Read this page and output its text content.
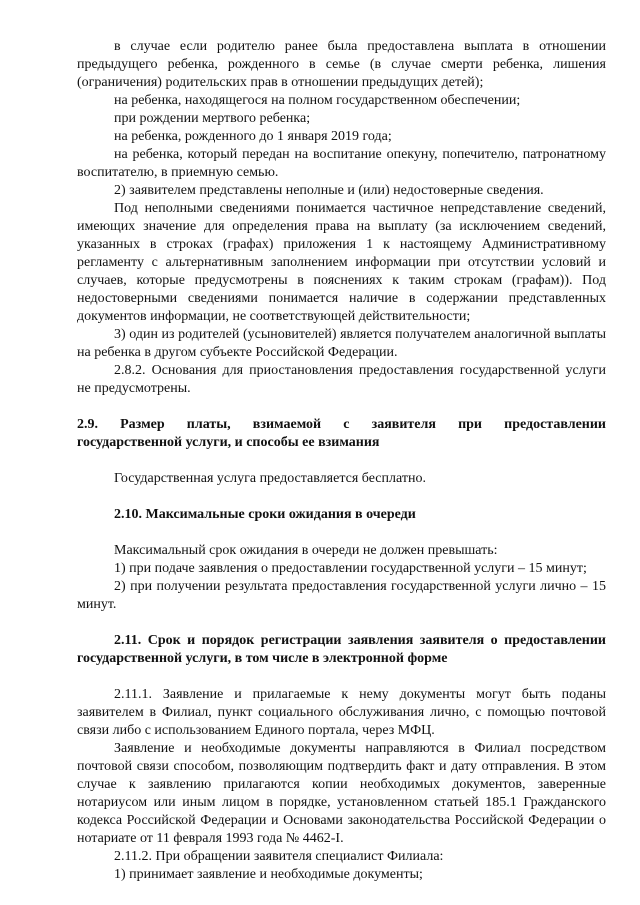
в случае если родителю ранее была предоставлена выплата в отношении предыдущего ребенка, рожденного в семье (в случае смерти ребенка, лишения (ограничения) родительских прав в отношении предыдущих детей);

на ребенка, находящегося на полном государственном обеспечении;

при рождении мертвого ребенка;

на ребенка, рожденного до 1 января 2019 года;

на ребенка, который передан на воспитание опекуну, попечителю, патронатному воспитателю, в приемную семью.

2) заявителем представлены неполные и (или) недостоверные сведения.

Под неполными сведениями понимается частичное непредставление сведений, имеющих значение для определения права на выплату (за исключением сведений, указанных в строках (графах) приложения 1 к настоящему Административному регламенту с альтернативным заполнением информации при отсутствии условий и случаев, которые предусмотрены в пояснениях к таким строкам (графам)). Под недостоверными сведениями понимается наличие в содержании представленных документов информации, не соответствующей действительности;

3) один из родителей (усыновителей) является получателем аналогичной выплаты на ребенка в другом субъекте Российской Федерации.

2.8.2. Основания для приостановления предоставления государственной услуги не предусмотрены.

2.9. Размер платы, взимаемой с заявителя при предоставлении
государственной услуги, и способы ее взимания

Государственная услуга предоставляется бесплатно.

2.10. Максимальные сроки ожидания в очереди

Максимальный срок ожидания в очереди не должен превышать:

1) при подаче заявления о предоставлении государственной услуги – 15 минут;

2) при получении результата предоставления государственной услуги лично – 15 минут.

2.11. Срок и порядок регистрации заявления заявителя о предоставлении
государственной услуги, в том числе в электронной форме

2.11.1. Заявление и прилагаемые к нему документы могут быть поданы заявителем в Филиал, пункт социального обслуживания лично, с помощью почтовой связи либо с использованием Единого портала, через МФЦ.

Заявление и необходимые документы направляются в Филиал посредством почтовой связи способом, позволяющим подтвердить факт и дату отправления. В этом случае к заявлению прилагаются копии необходимых документов, заверенные нотариусом или иным лицом в порядке, установленном статьей 185.1 Гражданского кодекса Российской Федерации и Основами законодательства Российской Федерации о нотариате от 11 февраля 1993 года № 4462-I.

2.11.2. При обращении заявителя специалист Филиала:

1) принимает заявление и необходимые документы;
